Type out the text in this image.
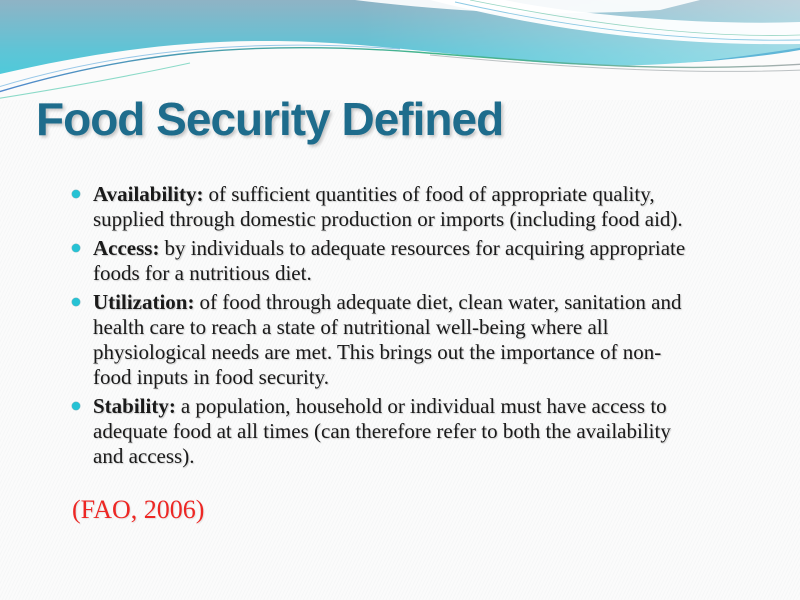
Food Security Defined

Availability: of sufficient quantities of food of appropriate quality, supplied through domestic production or imports (including food aid).

Access: by individuals to adequate resources for acquiring appropriate foods for a nutritious diet.

Utilization: of food through adequate diet, clean water, sanitation and health care to reach a state of nutritional well-being where all physiological needs are met. This brings out the importance of non-food inputs in food security.

Stability: a population, household or individual must have access to adequate food at all times (can therefore refer to both the availability and access).

(FAO, 2006)
